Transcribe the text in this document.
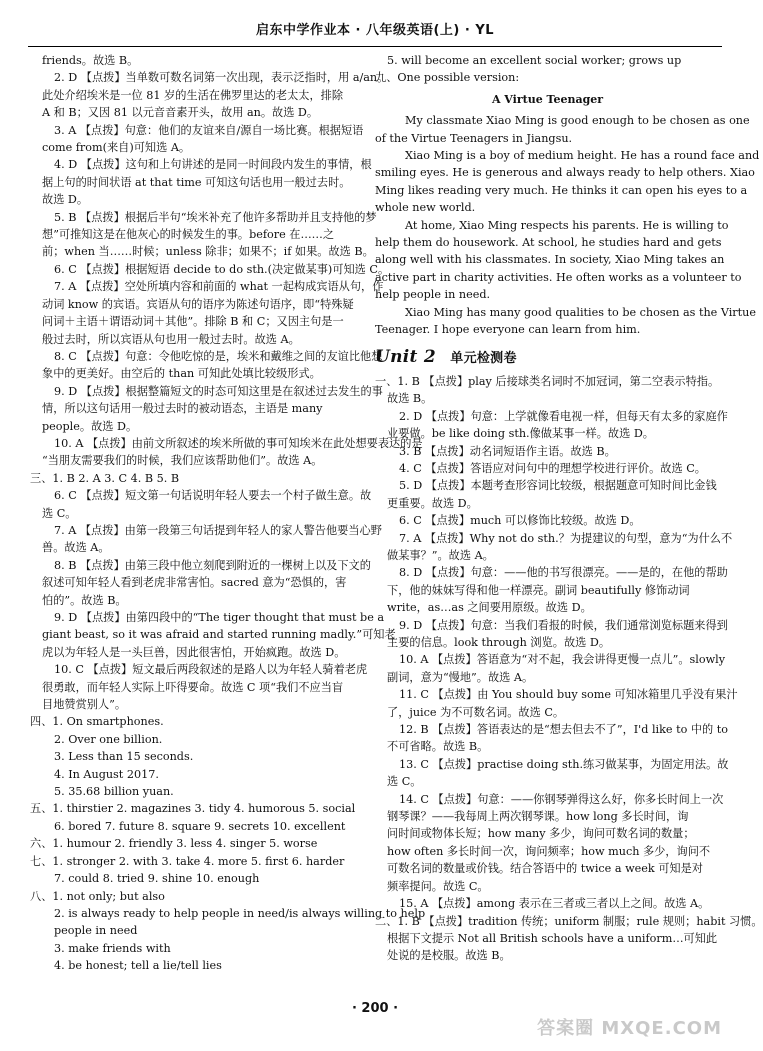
启东中学作业本 · 八年级英语(上) · YL
friends。故选 B。
2. D 【点拨】当单数可数名词第一次出现，表示泛指时，用 a/an。
此处介绍埃米是一位 81 岁的生活在佛罗里达的老太太，排除
A 和 B；又因 81 以元音音素开头，故用 an。故选 D。
3. A 【点拨】句意：他们的友谊来自/源自一场比赛。根据短语
come from(来自)可知选 A。
4. D 【点拨】这句和上句讲述的是同一时间段内发生的事情，根
据上句的时间状语 at that time 可知这句话也用一般过去时。
故选 D。
5. B 【点拨】根据后半句“埃米补充了他许多帮助并且支持他的梦
想”可推知这是在他灰心的时候发生的事。before 在……之
前；when 当……时候；unless 除非；如果不；if 如果。故选 B。
6. C 【点拨】根据短语 decide to do sth.(决定做某事)可知选 C。
7. A 【点拨】空处所填内容和前面的 what 一起构成宾语从句，作
动词 know 的宾语。宾语从句的语序为陈述句语序，即“特殊疑
问词＋主语＋谓语动词＋其他”。排除 B 和 C；又因主句是一
般过去时，所以宾语从句也用一般过去时。故选 A。
8. C 【点拨】句意：令他吃惊的是，埃米和戴维之间的友谊比他想
象中的更美好。由空后的 than 可知此处填比较级形式。
9. D 【点拨】根据整篇短文的时态可知这里是在叙述过去发生的事
情，所以这句话用一般过去时的被动语态，主语是 many
people。故选 D。
10. A 【点拨】由前文所叙述的埃米所做的事可知埃米在此处想要表达的是
“当朋友需要我们的时候，我们应该帮助他们”。故选 A。
三、1. B 2. A 3. C 4. B 5. B
6. C 【点拨】短文第一句话说明年轻人要去一个村子做生意。故
选 C。
7. A 【点拨】由第一段第三句话提到年轻人的家人警告他要当心野
兽。故选 A。
8. B 【点拨】由第三段中他立刻爬到附近的一棵树上以及下文的
叙述可知年轻人看到老虎非常害怕。sacred 意为“恐惧的，害
怕的”。故选 B。
9. D 【点拨】由第四段中的“The tiger thought that must be a
giant beast, so it was afraid and started running madly.”可知老
虎以为年轻人是一头巨兽，因此很害怕，开始疯跑。故选 D。
10. C 【点拨】短文最后两段叙述的是路人以为年轻人骑着老虎
很勇敢，而年轻人实际上吓得要命。故选 C 项“我们不应当盲
目地赞赏别人”。
四、1. On smartphones.
2. Over one billion.
3. Less than 15 seconds.
4. In August 2017.
5. 35.68 billion yuan.
五、1. thirstier 2. magazines 3. tidy 4. humorous 5. social
6. bored 7. future 8. square 9. secrets 10. excellent
六、1. humour 2. friendly 3. less 4. singer 5. worse
七、1. stronger 2. with 3. take 4. more 5. first 6. harder
7. could 8. tried 9. shine 10. enough
八、1. not only; but also
2. is always ready to help people in need/is always willing to help
people in need
3. make friends with
4. be honest; tell a lie/tell lies
5. will become an excellent social worker; grows up
九、One possible version:
A Virtue Teenager
My classmate Xiao Ming is good enough to be chosen as one
of the Virtue Teenagers in Jiangsu.
Xiao Ming is a boy of medium height. He has a round face and
smiling eyes. He is generous and always ready to help others. Xiao
Ming likes reading very much. He thinks it can open his eyes to a
whole new world.
At home, Xiao Ming respects his parents. He is willing to
help them do housework. At school, he studies hard and gets
along well with his classmates. In society, Xiao Ming takes an
active part in charity activities. He often works as a volunteer to
help people in need.
Xiao Ming has many good qualities to be chosen as the Virtue
Teenager. I hope everyone can learn from him.
Unit 2 单元检测卷
一、1. B 【点拨】play 后接球类名词时不加冠词，第二空表示特指。
故选 B。
2. D 【点拨】句意：上学就像看电视一样，但每天有太多的家庭作
业要做。be like doing sth.像做某事一样。故选 D。
3. B 【点拨】动名词短语作主语。故选 B。
4. C 【点拨】答语应对问句中的理想学校进行评价。故选 C。
5. D 【点拨】本题考查形容词比较级，根据题意可知时间比金钱
更重要。故选 D。
6. C 【点拨】much 可以修饰比较级。故选 D。
7. A 【点拨】Why not do sth.？为提建议的句型，意为“为什么不
做某事？”。故选 A。
8. D 【点拨】句意：——他的书写很漂亮。——是的，在他的帮助
下，他的妹妹写得和他一样漂亮。副词 beautifully 修饰动词
write，as…as 之间要用原级。故选 D。
9. D 【点拨】句意：当我们看报的时候，我们通常浏览标题来得到
主要的信息。look through 浏览。故选 D。
10. A 【点拨】答语意为“对不起，我会讲得更慢一点儿”。slowly
副词，意为“慢地”。故选 A。
11. C 【点拨】由 You should buy some 可知冰箱里几乎没有果汁
了，juice 为不可数名词。故选 C。
12. B 【点拨】答语表达的是“想去但去不了”，I'd like to 中的 to
不可省略。故选 B。
13. C 【点拨】practise doing sth.练习做某事，为固定用法。故
选 C。
14. C 【点拨】句意：——你钢琴弹得这么好，你多长时间上一次
钢琴课？——我每周上两次钢琴课。how long 多长时间，询
问时间或物体长短；how many 多少，询问可数名词的数量；
how often 多长时间一次，询问频率；how much 多少，询问不
可数名词的数量或价钱。结合答语中的 twice a week 可知是对
频率提问。故选 C。
15. A 【点拨】among 表示在三者或三者以上之间。故选 A。
二、1. B 【点拨】tradition 传统；uniform 制服；rule 规则；habit 习惯。
根据下文提示 Not all British schools have a uniform…可知此
处说的是校服。故选 B。
· 200 ·
答案圈 MXQE.COM
